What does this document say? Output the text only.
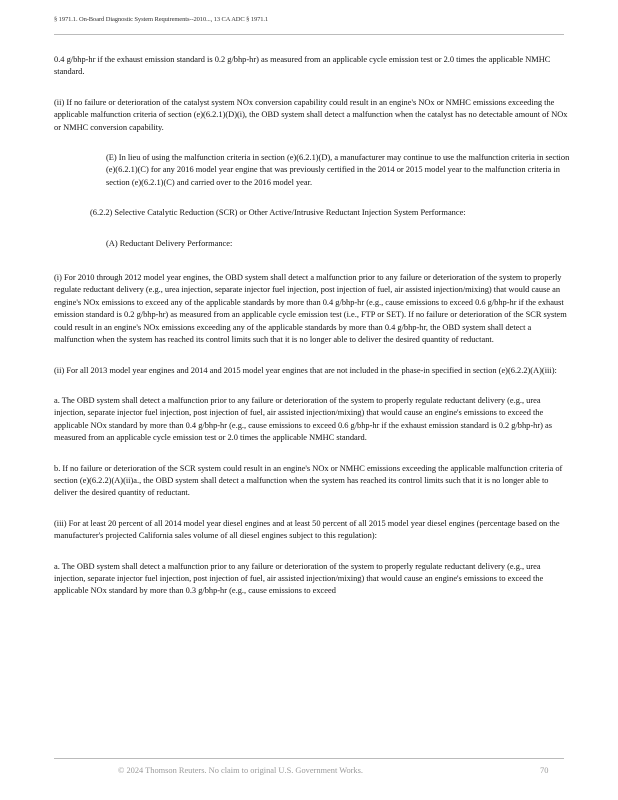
§ 1971.1. On-Board Diagnostic System Requirements--2010..., 13 CA ADC § 1971.1

0.4 g/bhp-hr if the exhaust emission standard is 0.2 g/bhp-hr) as measured from an applicable cycle emission test or 2.0 times the applicable NMHC standard.

(ii) If no failure or deterioration of the catalyst system NOx conversion capability could result in an engine's NOx or NMHC emissions exceeding the applicable malfunction criteria of section (e)(6.2.1)(D)(i), the OBD system shall detect a malfunction when the catalyst has no detectable amount of NOx or NMHC conversion capability.

(E) In lieu of using the malfunction criteria in section (e)(6.2.1)(D), a manufacturer may continue to use the malfunction criteria in section (e)(6.2.1)(C) for any 2016 model year engine that was previously certified in the 2014 or 2015 model year to the malfunction criteria in section (e)(6.2.1)(C) and carried over to the 2016 model year.

(6.2.2) Selective Catalytic Reduction (SCR) or Other Active/Intrusive Reductant Injection System Performance:

(A) Reductant Delivery Performance:

(i) For 2010 through 2012 model year engines, the OBD system shall detect a malfunction prior to any failure or deterioration of the system to properly regulate reductant delivery (e.g., urea injection, separate injector fuel injection, post injection of fuel, air assisted injection/mixing) that would cause an engine's NOx emissions to exceed any of the applicable standards by more than 0.4 g/bhp-hr (e.g., cause emissions to exceed 0.6 g/bhp-hr if the exhaust emission standard is 0.2 g/bhp-hr) as measured from an applicable cycle emission test (i.e., FTP or SET). If no failure or deterioration of the SCR system could result in an engine's NOx emissions exceeding any of the applicable standards by more than 0.4 g/bhp-hr, the OBD system shall detect a malfunction when the system has reached its control limits such that it is no longer able to deliver the desired quantity of reductant.

(ii) For all 2013 model year engines and 2014 and 2015 model year engines that are not included in the phase-in specified in section (e)(6.2.2)(A)(iii):

a. The OBD system shall detect a malfunction prior to any failure or deterioration of the system to properly regulate reductant delivery (e.g., urea injection, separate injector fuel injection, post injection of fuel, air assisted injection/mixing) that would cause an engine's emissions to exceed the applicable NOx standard by more than 0.4 g/bhp-hr (e.g., cause emissions to exceed 0.6 g/bhp-hr if the exhaust emission standard is 0.2 g/bhp-hr) as measured from an applicable cycle emission test or 2.0 times the applicable NMHC standard.

b. If no failure or deterioration of the SCR system could result in an engine's NOx or NMHC emissions exceeding the applicable malfunction criteria of section (e)(6.2.2)(A)(ii)a., the OBD system shall detect a malfunction when the system has reached its control limits such that it is no longer able to deliver the desired quantity of reductant.

(iii) For at least 20 percent of all 2014 model year diesel engines and at least 50 percent of all 2015 model year diesel engines (percentage based on the manufacturer's projected California sales volume of all diesel engines subject to this regulation):

a. The OBD system shall detect a malfunction prior to any failure or deterioration of the system to properly regulate reductant delivery (e.g., urea injection, separate injector fuel injection, post injection of fuel, air assisted injection/mixing) that would cause an engine's emissions to exceed the applicable NOx standard by more than 0.3 g/bhp-hr (e.g., cause emissions to exceed

© 2024 Thomson Reuters. No claim to original U.S. Government Works.	70
